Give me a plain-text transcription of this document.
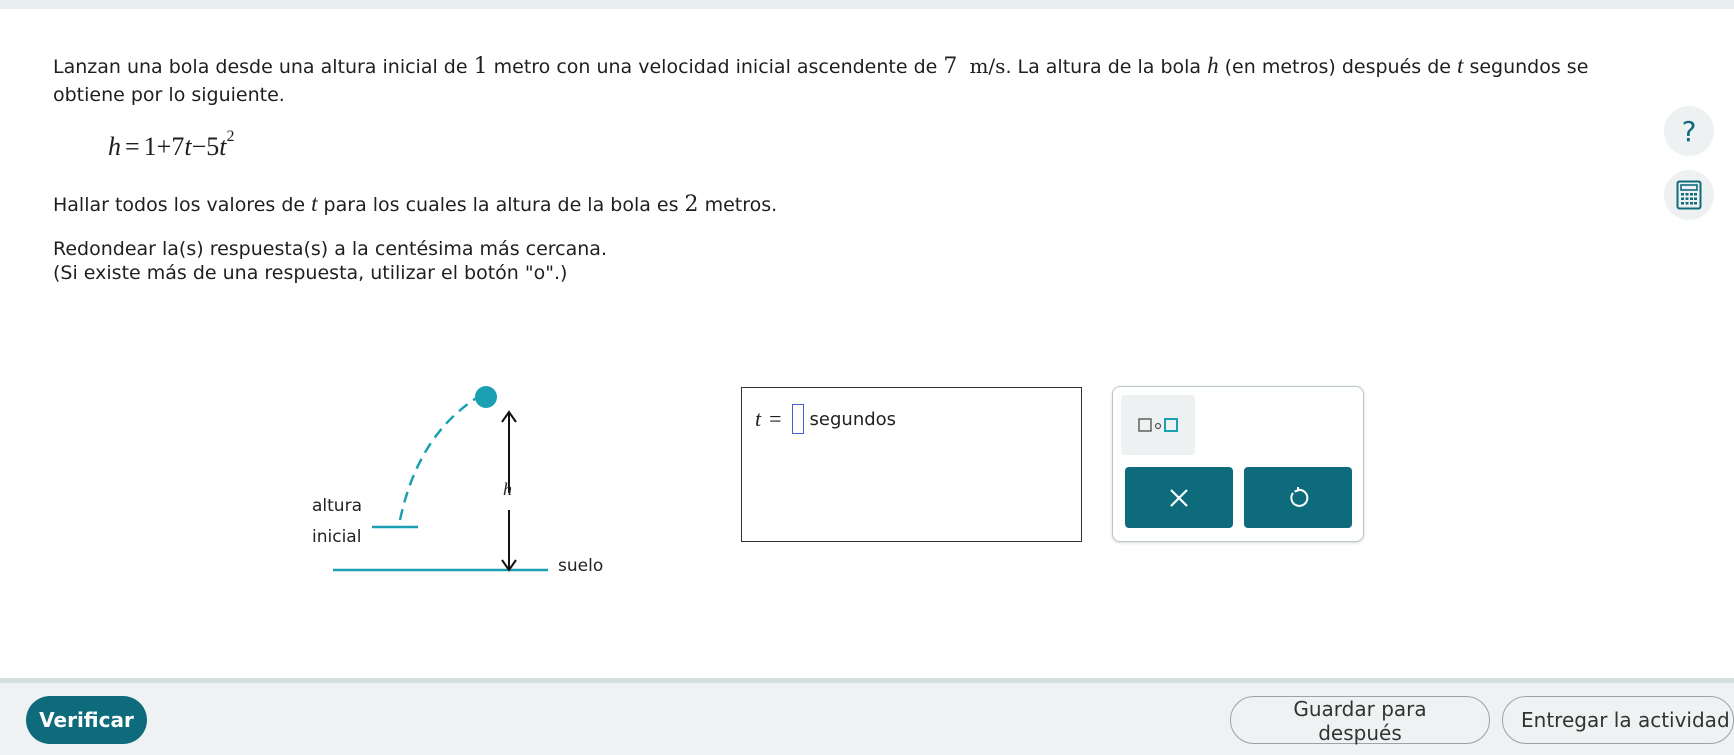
Lanzan una bola desde una altura inicial de 1 metro con una velocidad inicial ascendente de 7 m/s. La altura de la bola h (en metros) después de t segundos se obtiene por lo siguiente.

$h = 1+7t-5t^2$
Hallar todos los valores de t para los cuales la altura de la bola es 2 metros.
Redondear la(s) respuesta(s) a la centésima más cercana.
(Si existe más de una respuesta, utilizar el botón "o".)
?
altura
inicial
h
suelo
t = segundos
Verificar	Guardar para después
Entregar la actividad
